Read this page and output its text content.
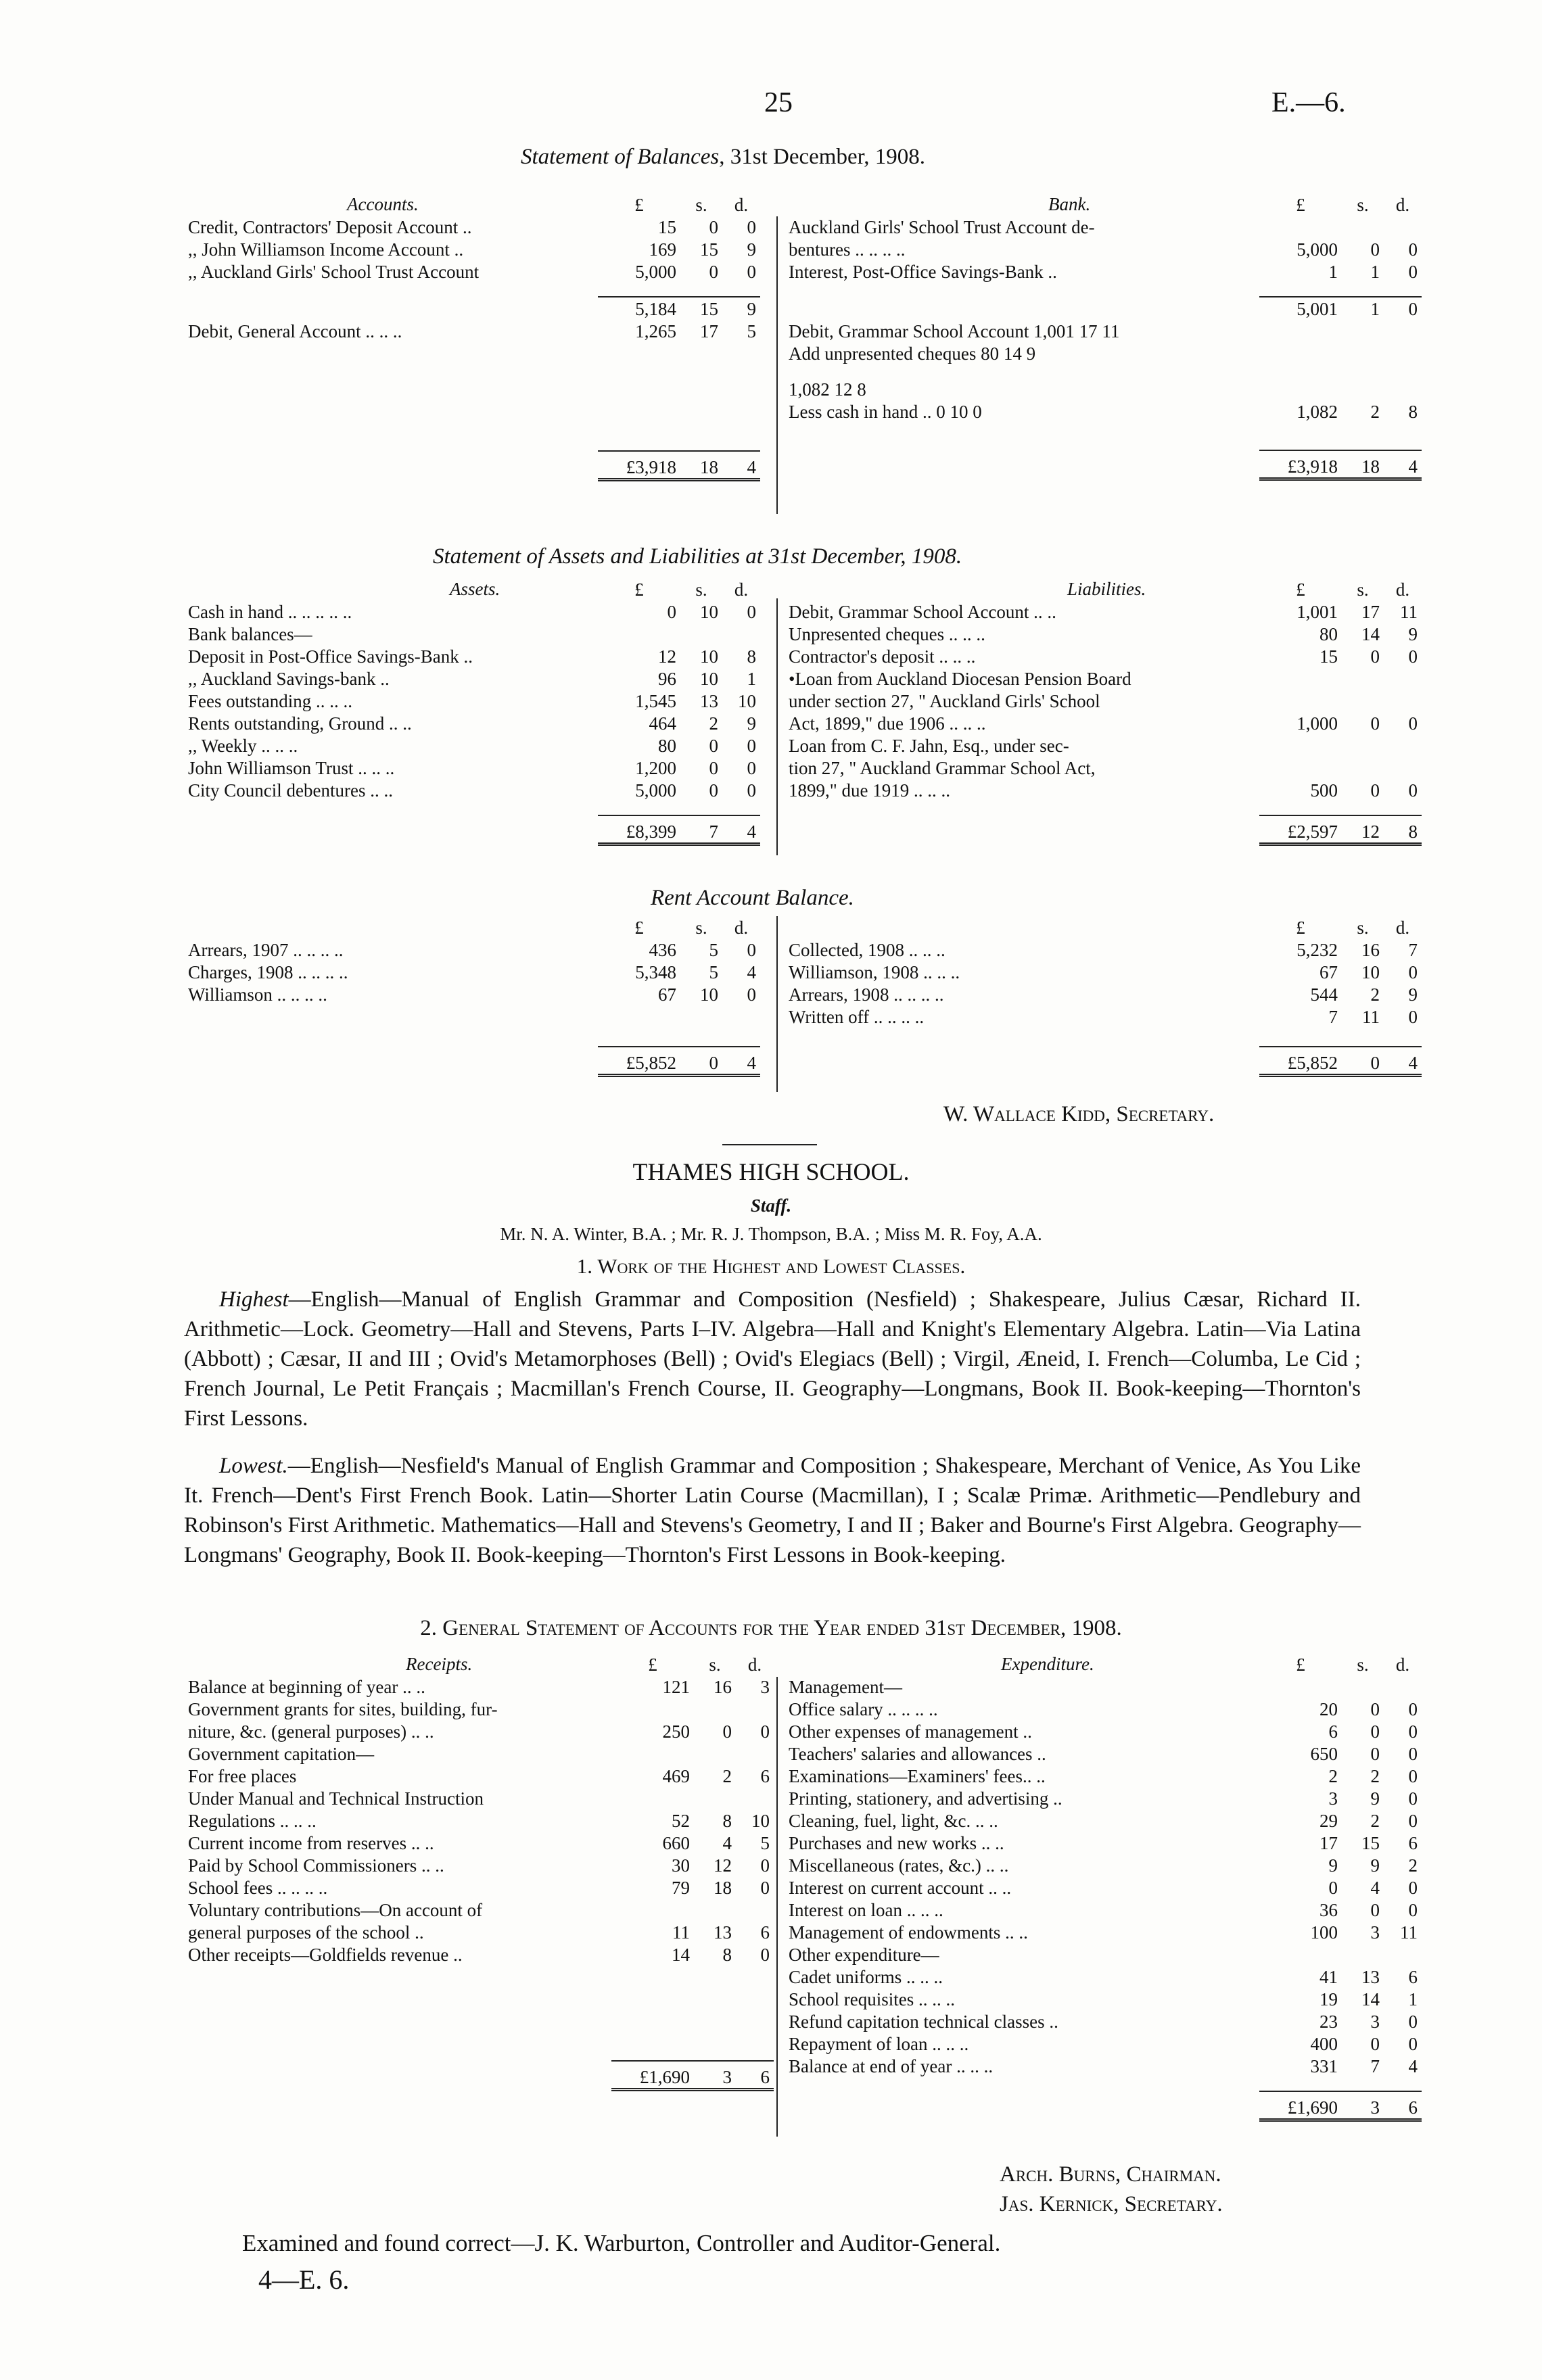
25	E.—6.
Statement of Balances, 31st December, 1908.
Accounts.	Bank.
	£	s.	d.
Credit, Contractors' Deposit Account ..	15	0	0
,, John Williamson Income Account ..	169	15	9
,, Auckland Girls' School Trust Account	5,000	0	0

	5,184	15	9
Debit, General Account .. .. ..	1,265	17	5

	£3,918	18	4
	£	s.	d.
Auckland Girls' School Trust Account de-			
bentures .. .. .. ..	5,000	0	0
Interest, Post-Office Savings-Bank ..	1	1	0

	5,001	1	0
Debit, Grammar School Account 1,001 17 11			
Add unpresented cheques 80 14 9			

1,082 12 8			
Less cash in hand .. 0 10 0	1,082	2	8

	£3,918	18	4
Statement of Assets and Liabilities at 31st December, 1908.
Assets.	Liabilities.
	£	s.	d.
Cash in hand .. .. .. .. ..	0	10	0
Bank balances—			
Deposit in Post-Office Savings-Bank ..	12	10	8
,, Auckland Savings-bank ..	96	10	1
Fees outstanding .. .. ..	1,545	13	10
Rents outstanding, Ground .. ..	464	2	9
,, Weekly .. .. ..	80	0	0
John Williamson Trust .. .. ..	1,200	0	0
City Council debentures .. ..	5,000	0	0

	£8,399	7	4
	£	s.	d.
Debit, Grammar School Account .. ..	1,001	17	11
Unpresented cheques .. .. ..	80	14	9
Contractor's deposit .. .. ..	15	0	0
•Loan from Auckland Diocesan Pension Board			
under section 27, " Auckland Girls' School			
Act, 1899," due 1906 .. .. ..	1,000	0	0
Loan from C. F. Jahn, Esq., under sec-			
tion 27, " Auckland Grammar School Act,			
1899," due 1919 .. .. ..	500	0	0

	£2,597	12	8
Rent Account Balance.
	£	s.	d.
Arrears, 1907 .. .. .. ..	436	5	0
Charges, 1908 .. .. .. ..	5,348	5	4
Williamson .. .. .. ..	67	10	0

	£5,852	0	4
	£	s.	d.
Collected, 1908 .. .. ..	5,232	16	7
Williamson, 1908 .. .. ..	67	10	0
Arrears, 1908 .. .. .. ..	544	2	9
Written off .. .. .. ..	7	11	0

	£5,852	0	4
W. Wallace Kidd, Secretary.
THAMES HIGH SCHOOL.
Staff.
Mr. N. A. Winter, B.A. ; Mr. R. J. Thompson, B.A. ; Miss M. R. Foy, A.A.
1. Work of the Highest and Lowest Classes.
Highest—English—Manual of English Grammar and Composition (Nesfield) ; Shakespeare, Julius Cæsar, Richard II. Arithmetic—Lock. Geometry—Hall and Stevens, Parts I–IV. Algebra—Hall and Knight's Elementary Algebra. Latin—Via Latina (Abbott) ; Cæsar, II and III ; Ovid's Metamorphoses (Bell) ; Ovid's Elegiacs (Bell) ; Virgil, Æneid, I. French—Columba, Le Cid ; French Journal, Le Petit Français ; Macmillan's French Course, II. Geography—Longmans, Book II. Book-keeping—Thornton's First Lessons.
Lowest.—English—Nesfield's Manual of English Grammar and Composition ; Shakespeare, Merchant of Venice, As You Like It. French—Dent's First French Book. Latin—Shorter Latin Course (Macmillan), I ; Scalæ Primæ. Arithmetic—Pendlebury and Robinson's First Arithmetic. Mathematics—Hall and Stevens's Geometry, I and II ; Baker and Bourne's First Algebra. Geography—Longmans' Geography, Book II. Book-keeping—Thornton's First Lessons in Book-keeping.
2. General Statement of Accounts for the Year ended 31st December, 1908.
Receipts.	Expenditure.
	£	s.	d.
Balance at beginning of year .. ..	121	16	3
Government grants for sites, building, fur-			
niture, &c. (general purposes) .. ..	250	0	0
Government capitation—			
For free places	469	2	6
Under Manual and Technical Instruction			
Regulations .. .. ..	52	8	10
Current income from reserves .. ..	660	4	5
Paid by School Commissioners .. ..	30	12	0
School fees .. .. .. ..	79	18	0
Voluntary contributions—On account of			
general purposes of the school ..	11	13	6
Other receipts—Goldfields revenue ..	14	8	0

	£1,690	3	6
	£	s.	d.
Management—			
Office salary .. .. .. ..	20	0	0
Other expenses of management ..	6	0	0
Teachers' salaries and allowances ..	650	0	0
Examinations—Examiners' fees.. ..	2	2	0
Printing, stationery, and advertising ..	3	9	0
Cleaning, fuel, light, &c. .. ..	29	2	0
Purchases and new works .. ..	17	15	6
Miscellaneous (rates, &c.) .. ..	9	9	2
Interest on current account .. ..	0	4	0
Interest on loan .. .. ..	36	0	0
Management of endowments .. ..	100	3	11
Other expenditure—			
Cadet uniforms .. .. ..	41	13	6
School requisites .. .. ..	19	14	1
Refund capitation technical classes ..	23	3	0
Repayment of loan .. .. ..	400	0	0
Balance at end of year .. .. ..	331	7	4

	£1,690	3	6
Arch. Burns, Chairman.
Jas. Kernick, Secretary.
Examined and found correct—J. K. Warburton, Controller and Auditor-General.
4—E. 6.
